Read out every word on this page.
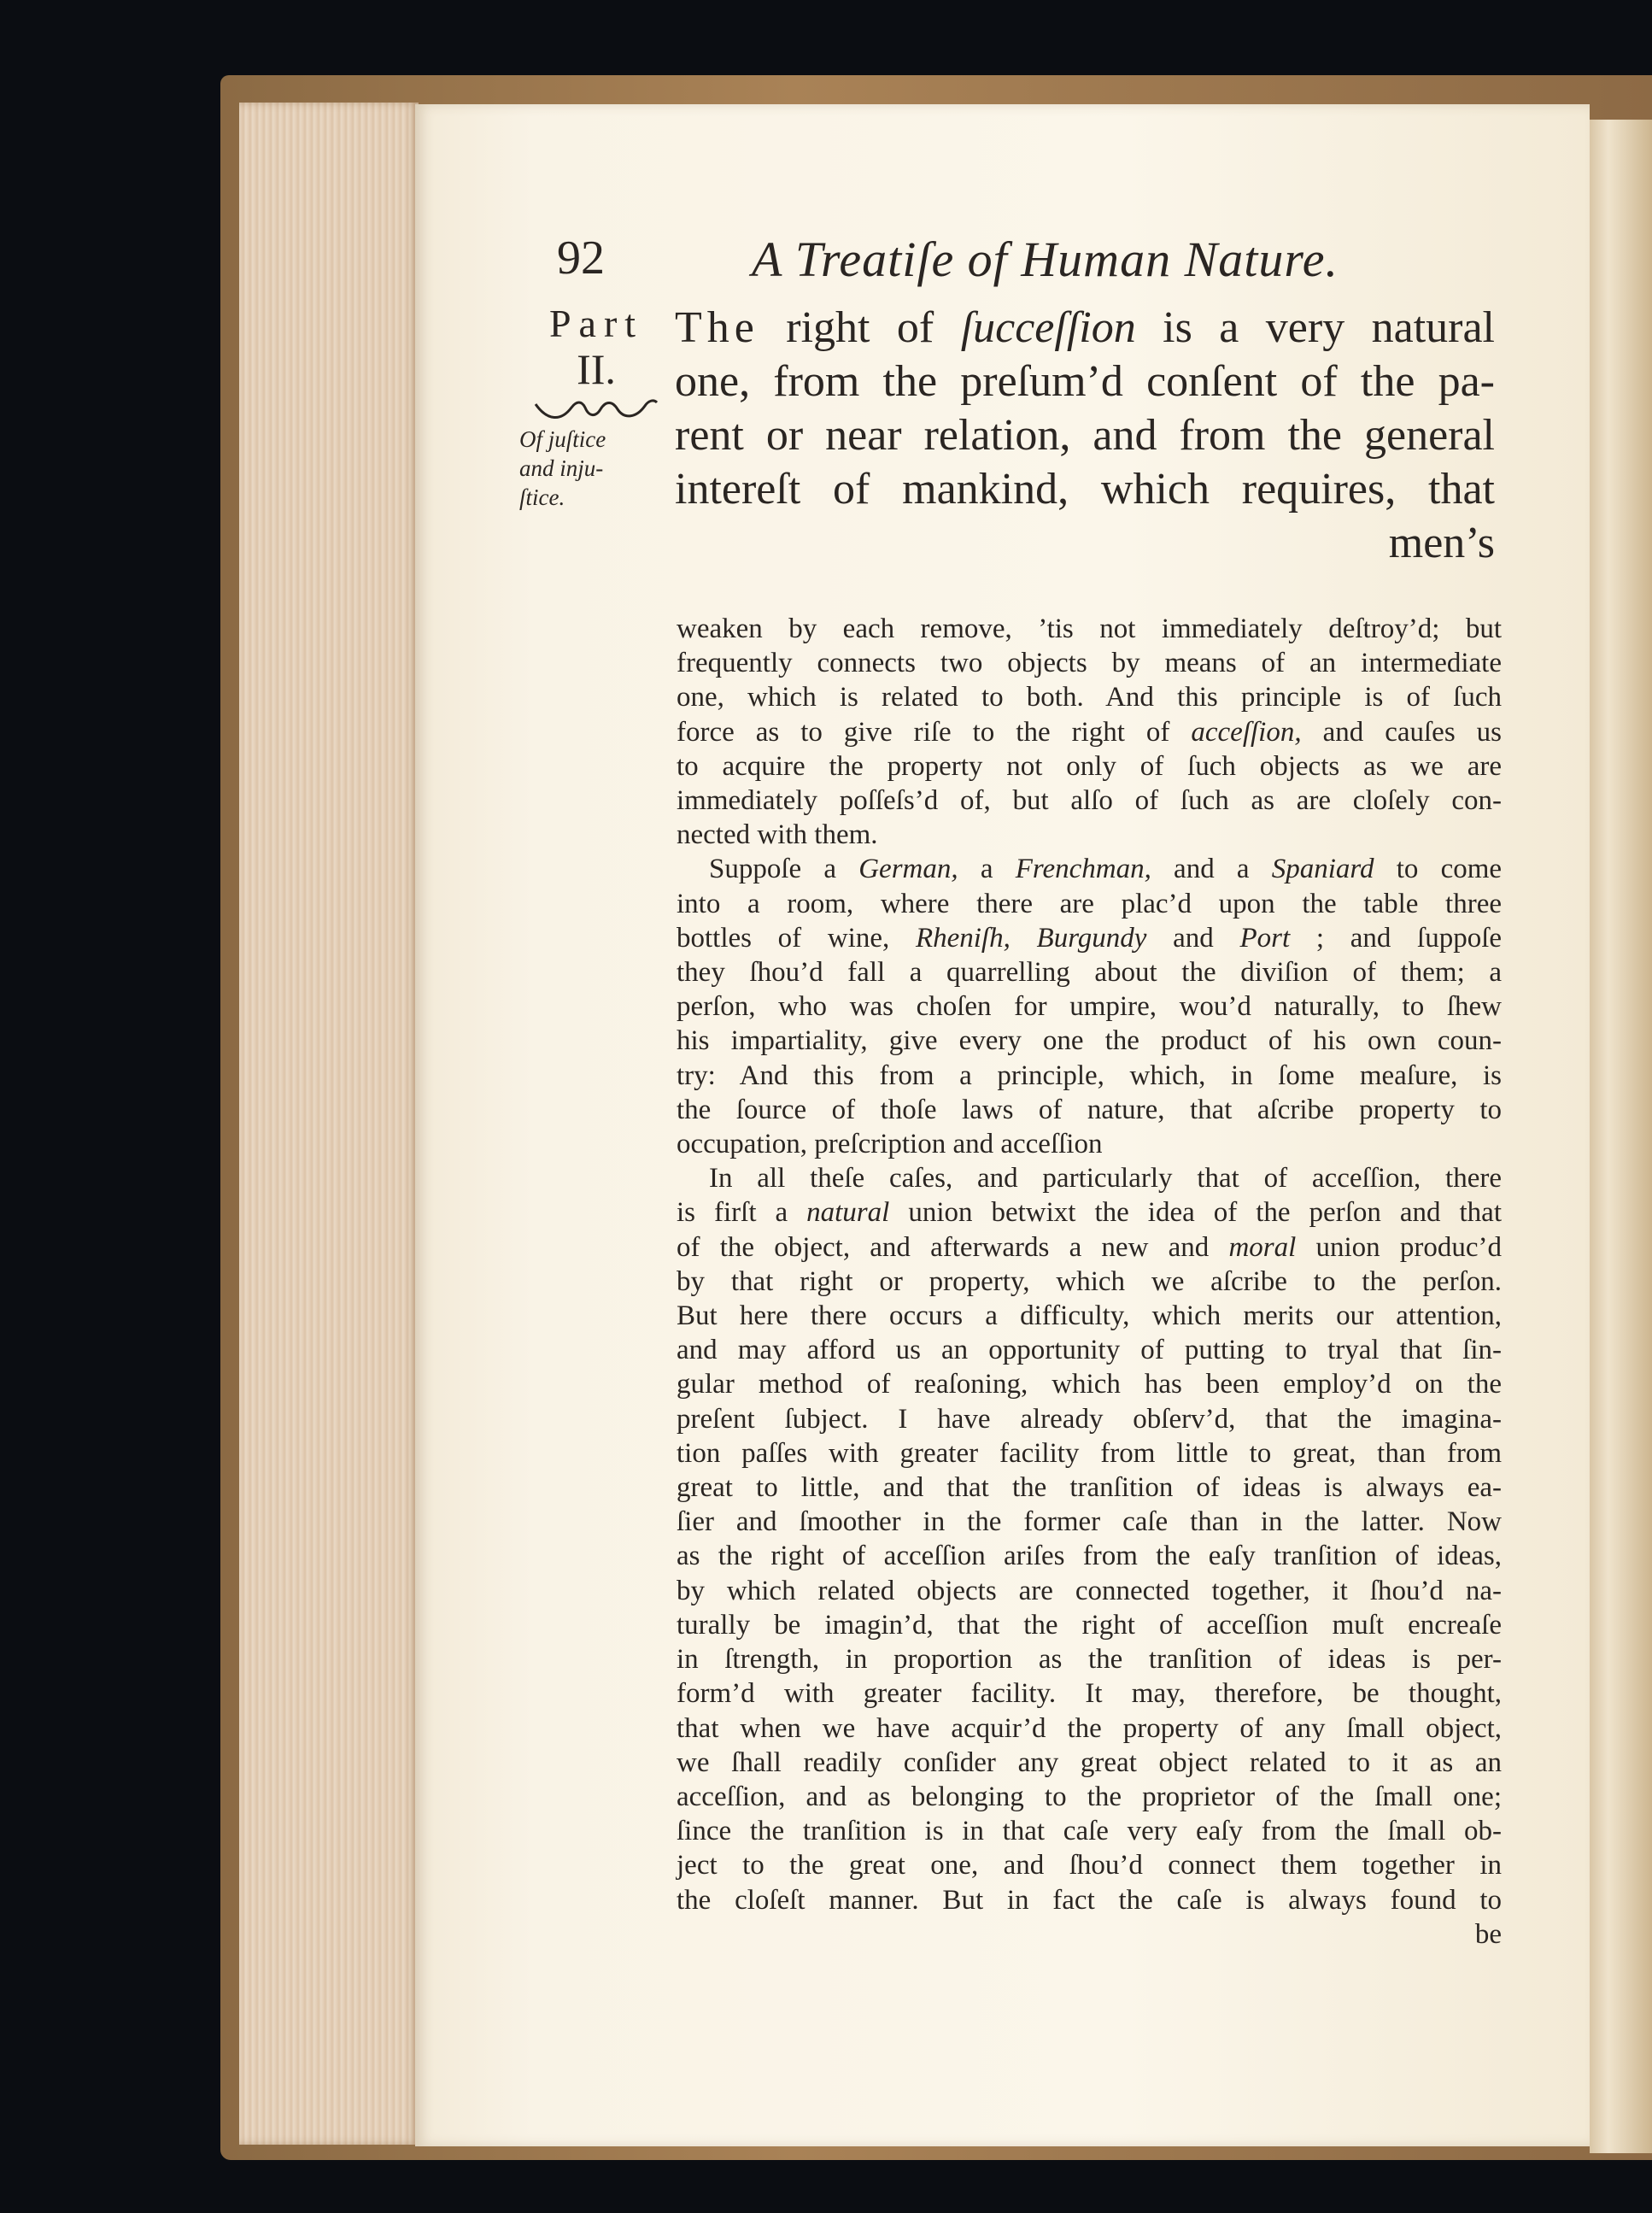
92	A Treatiſe of Human Nature.
Part
II.
Of juſtice
and inju-
ſtice.
The right of ſucceſſion is a very natural
one, from the preſum’d conſent of the pa-
rent or near relation, and from the general
intereſt of mankind, which requires, that
men’s
weaken by each remove, ’tis not immediately deſtroy’d; but
frequently connects two objects by means of an intermediate
one, which is related to both. And this principle is of ſuch
force as to give riſe to the right of acceſſion, and cauſes us
to acquire the property not only of ſuch objects as we are
immediately poſſeſs’d of, but alſo of ſuch as are cloſely con-
nected with them.
Suppoſe a German, a Frenchman, and a Spaniard to come
into a room, where there are plac’d upon the table three
bottles of wine, Rheniſh, Burgundy and Port ; and ſuppoſe
they ſhou’d fall a quarrelling about the diviſion of them; a
perſon, who was choſen for umpire, wou’d naturally, to ſhew
his impartiality, give every one the product of his own coun-
try: And this from a principle, which, in ſome meaſure, is
the ſource of thoſe laws of nature, that aſcribe property to
occupation, preſcription and acceſſion
In all theſe caſes, and particularly that of acceſſion, there
is firſt a natural union betwixt the idea of the perſon and that
of the object, and afterwards a new and moral union produc’d
by that right or property, which we aſcribe to the perſon.
But here there occurs a difficulty, which merits our attention,
and may afford us an opportunity of putting to tryal that ſin-
gular method of reaſoning, which has been employ’d on the
preſent ſubject. I have already obſerv’d, that the imagina-
tion paſſes with greater facility from little to great, than from
great to little, and that the tranſition of ideas is always ea-
ſier and ſmoother in the former caſe than in the latter. Now
as the right of acceſſion ariſes from the eaſy tranſition of ideas,
by which related objects are connected together, it ſhou’d na-
turally be imagin’d, that the right of acceſſion muſt encreaſe
in ſtrength, in proportion as the tranſition of ideas is per-
form’d with greater facility. It may, therefore, be thought,
that when we have acquir’d the property of any ſmall object,
we ſhall readily conſider any great object related to it as an
acceſſion, and as belonging to the proprietor of the ſmall one;
ſince the tranſition is in that caſe very eaſy from the ſmall ob-
ject to the great one, and ſhou’d connect them together in
the cloſeſt manner. But in fact the caſe is always found to
be
